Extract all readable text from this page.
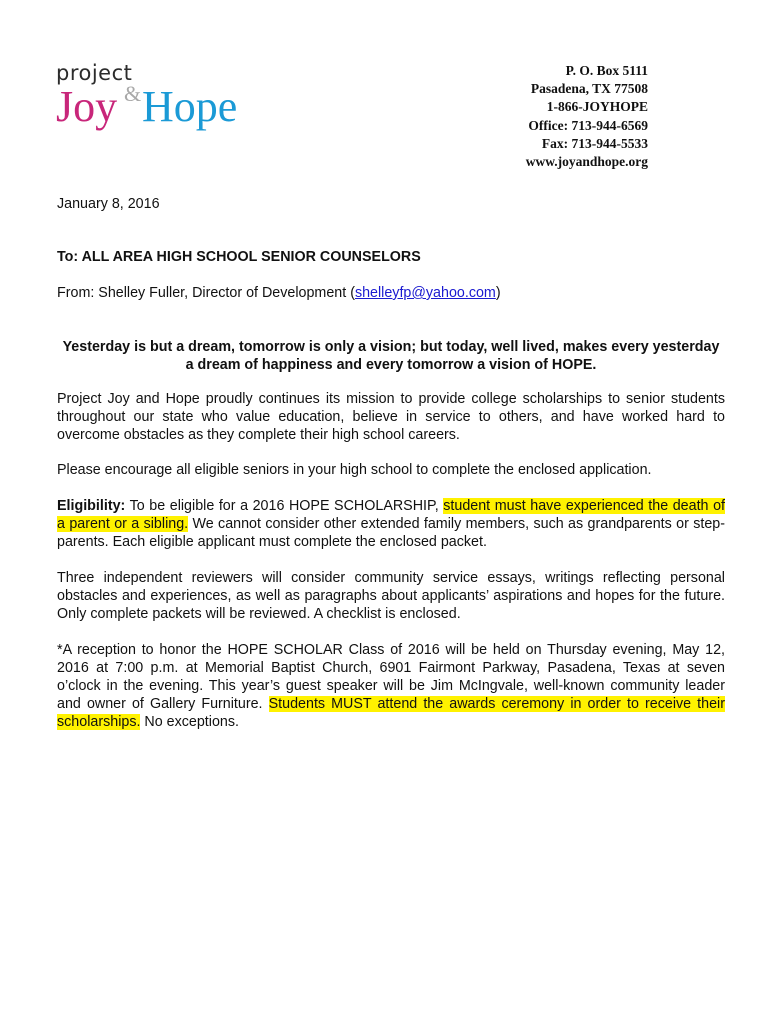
project
Joy & Hope
P. O. Box 5111
Pasadena, TX 77508
1-866-JOYHOPE
Office: 713-944-6569
Fax: 713-944-5533
www.joyandhope.org
January 8, 2016
To: ALL AREA HIGH SCHOOL SENIOR COUNSELORS
From: Shelley Fuller, Director of Development (shelleyfp@yahoo.com)
Yesterday is but a dream, tomorrow is only a vision; but today, well lived, makes every yesterday a dream of happiness and every tomorrow a vision of HOPE.
Project Joy and Hope proudly continues its mission to provide college scholarships to senior students throughout our state who value education, believe in service to others, and have worked hard to overcome obstacles as they complete their high school careers.
Please encourage all eligible seniors in your high school to complete the enclosed application.
Eligibility: To be eligible for a 2016 HOPE SCHOLARSHIP, student must have experienced the death of a parent or a sibling. We cannot consider other extended family members, such as grandparents or step-parents. Each eligible applicant must complete the enclosed packet.
Three independent reviewers will consider community service essays, writings reflecting personal obstacles and experiences, as well as paragraphs about applicants’ aspirations and hopes for the future. Only complete packets will be reviewed. A checklist is enclosed.
*A reception to honor the HOPE SCHOLAR Class of 2016 will be held on Thursday evening, May 12, 2016 at 7:00 p.m. at Memorial Baptist Church, 6901 Fairmont Parkway, Pasadena, Texas at seven o’clock in the evening. This year’s guest speaker will be Jim McIngvale, well-known community leader and owner of Gallery Furniture. Students MUST attend the awards ceremony in order to receive their scholarships. No exceptions.
